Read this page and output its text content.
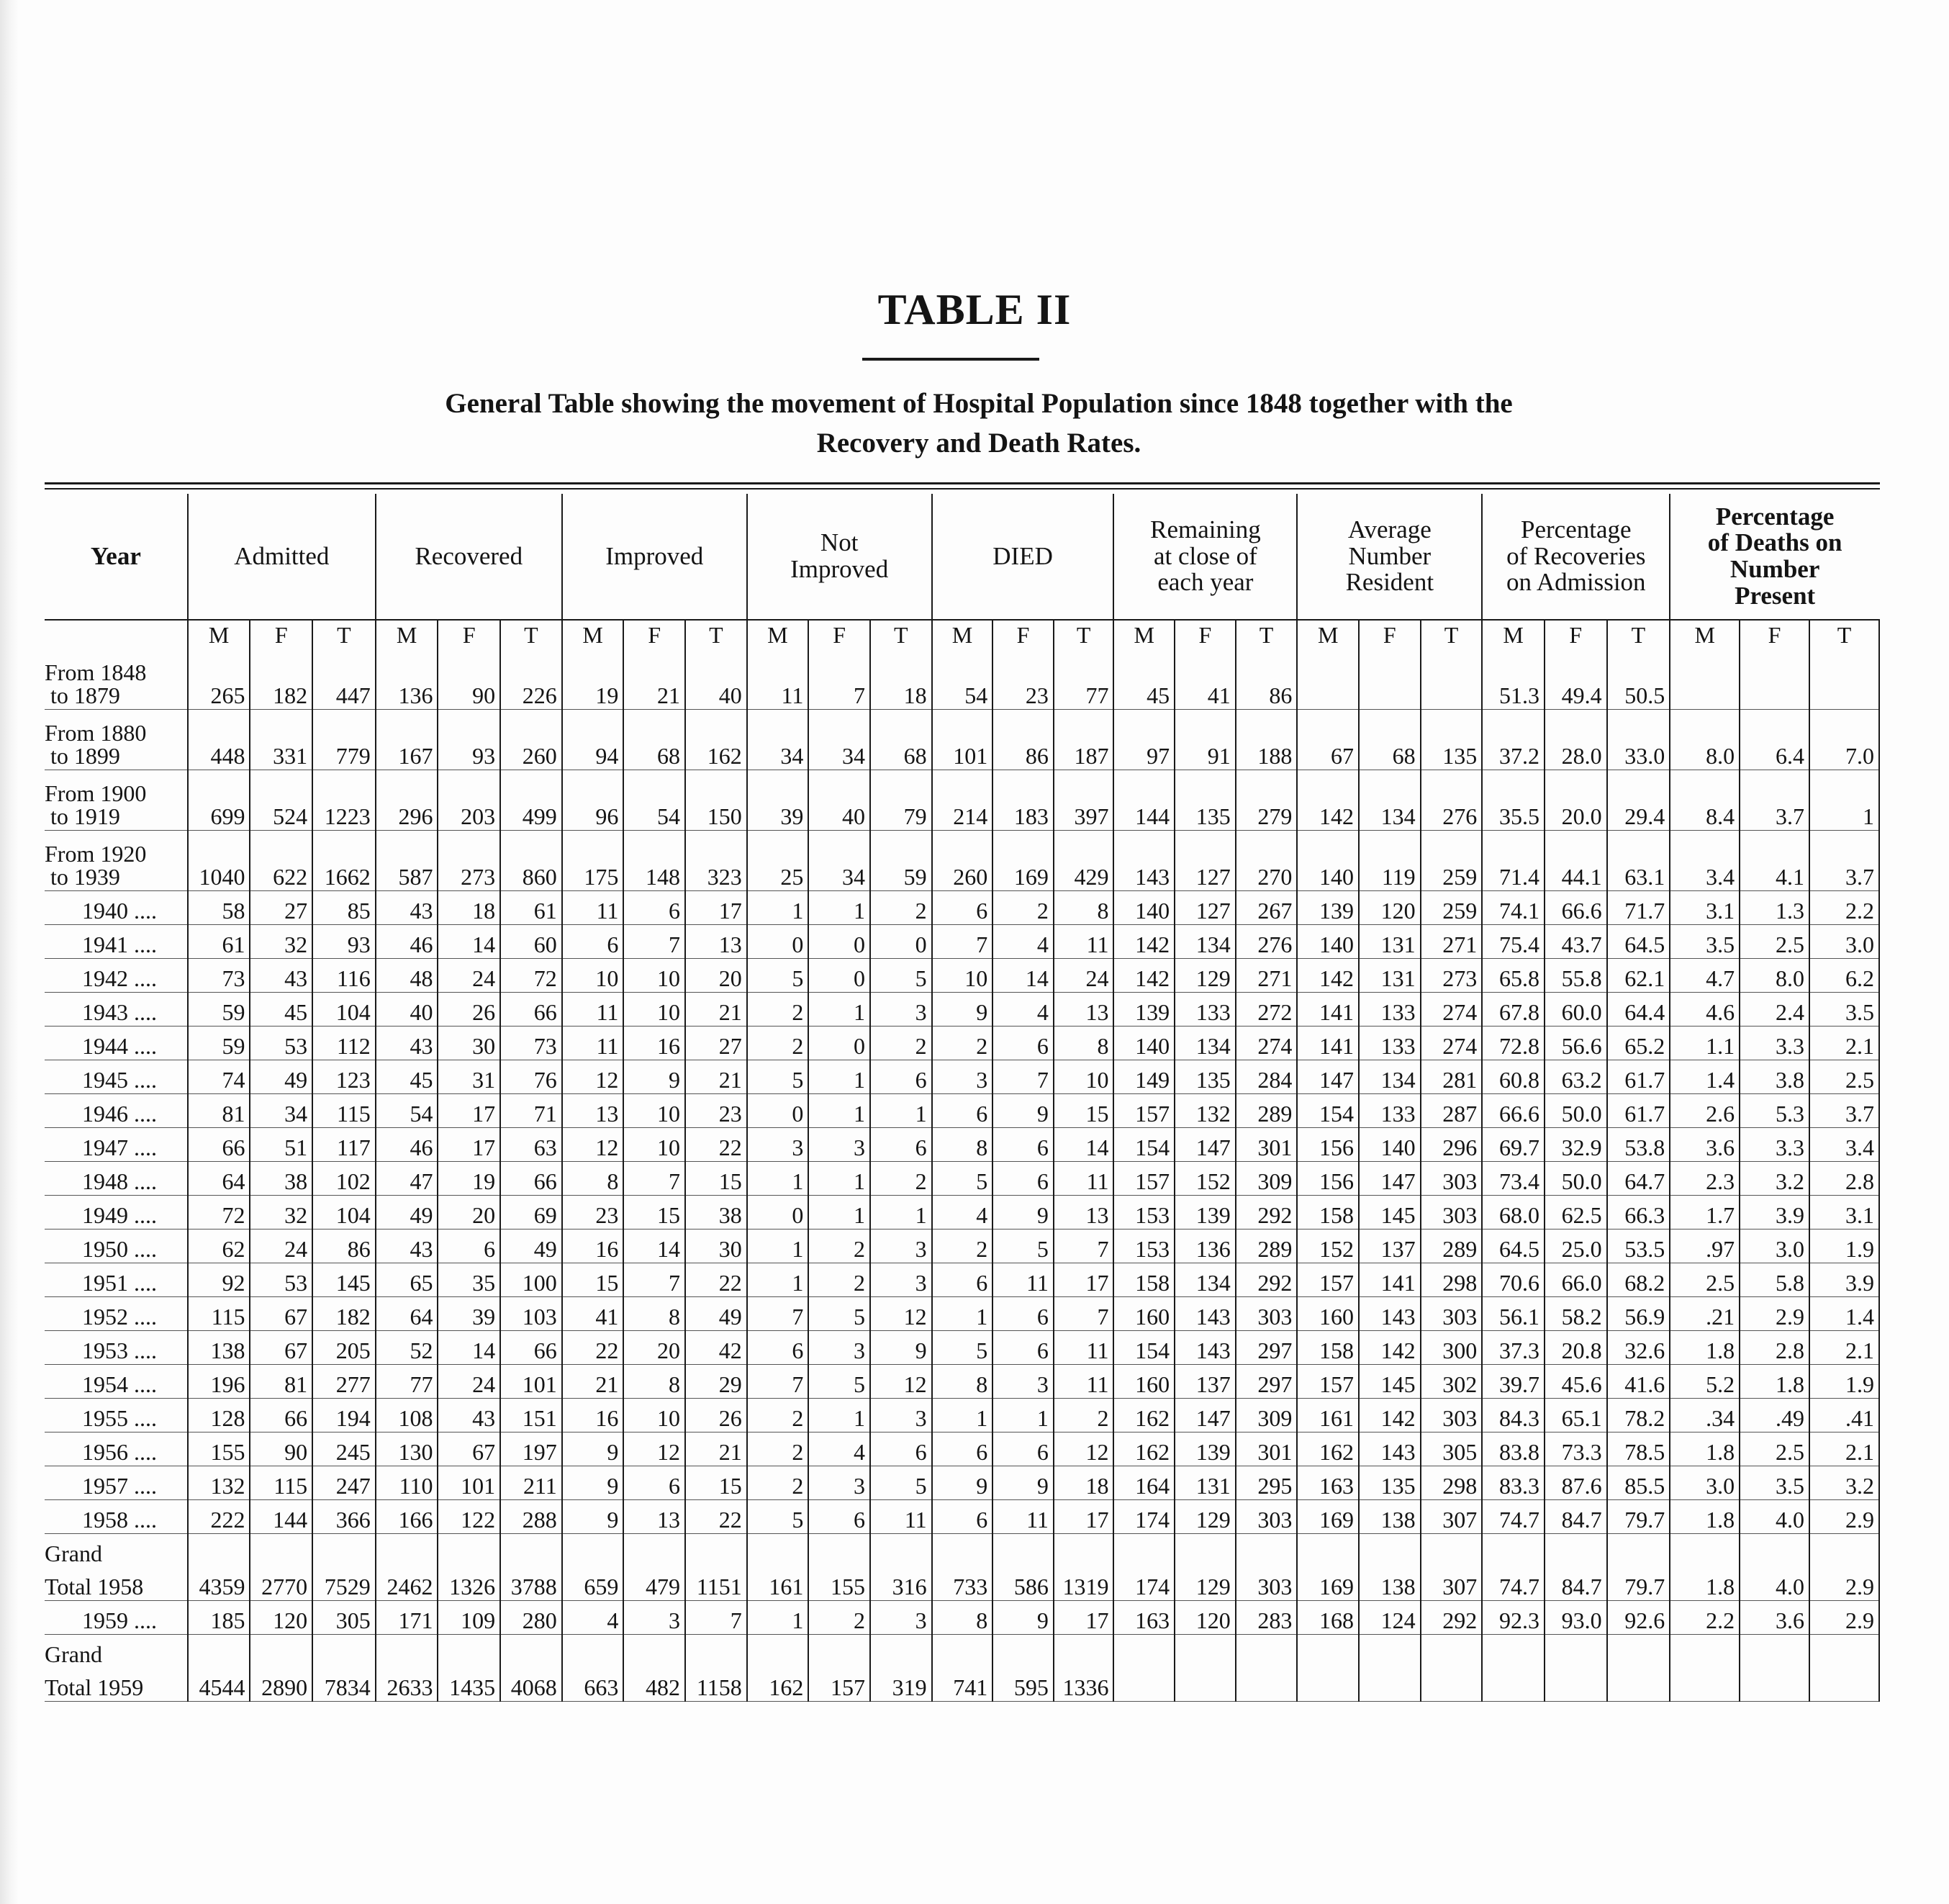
TABLE II
General Table showing the movement of Hospital Population since 1848 together with the
Recovery and Death Rates.
Year	Admitted			Recovered			Improved			Not
Improved			DIED			Remaining
at close of
each year			Average
Number
Resident			Percentage
of Recoveries
on Admission			Percentage
of Deaths on
Number
Present		
	M	F	T	M	F	T	M	F	T	M	F	T	M	F	T	M	F	T	M	F	T	M	F	T	M	F	T
From 1848
to 1879	265	182	447	136	90	226	19	21	40	11	7	18	54	23	77	45	41	86				51.3	49.4	50.5			
From 1880
to 1899	448	331	779	167	93	260	94	68	162	34	34	68	101	86	187	97	91	188	67	68	135	37.2	28.0	33.0	8.0	6.4	7.0
From 1900
to 1919	699	524	1223	296	203	499	96	54	150	39	40	79	214	183	397	144	135	279	142	134	276	35.5	20.0	29.4	8.4	3.7	1
From 1920
to 1939	1040	622	1662	587	273	860	175	148	323	25	34	59	260	169	429	143	127	270	140	119	259	71.4	44.1	63.1	3.4	4.1	3.7
1940 ....	58	27	85	43	18	61	11	6	17	1	1	2	6	2	8	140	127	267	139	120	259	74.1	66.6	71.7	3.1	1.3	2.2
1941 ....	61	32	93	46	14	60	6	7	13	0	0	0	7	4	11	142	134	276	140	131	271	75.4	43.7	64.5	3.5	2.5	3.0
1942 ....	73	43	116	48	24	72	10	10	20	5	0	5	10	14	24	142	129	271	142	131	273	65.8	55.8	62.1	4.7	8.0	6.2
1943 ....	59	45	104	40	26	66	11	10	21	2	1	3	9	4	13	139	133	272	141	133	274	67.8	60.0	64.4	4.6	2.4	3.5
1944 ....	59	53	112	43	30	73	11	16	27	2	0	2	2	6	8	140	134	274	141	133	274	72.8	56.6	65.2	1.1	3.3	2.1
1945 ....	74	49	123	45	31	76	12	9	21	5	1	6	3	7	10	149	135	284	147	134	281	60.8	63.2	61.7	1.4	3.8	2.5
1946 ....	81	34	115	54	17	71	13	10	23	0	1	1	6	9	15	157	132	289	154	133	287	66.6	50.0	61.7	2.6	5.3	3.7
1947 ....	66	51	117	46	17	63	12	10	22	3	3	6	8	6	14	154	147	301	156	140	296	69.7	32.9	53.8	3.6	3.3	3.4
1948 ....	64	38	102	47	19	66	8	7	15	1	1	2	5	6	11	157	152	309	156	147	303	73.4	50.0	64.7	2.3	3.2	2.8
1949 ....	72	32	104	49	20	69	23	15	38	0	1	1	4	9	13	153	139	292	158	145	303	68.0	62.5	66.3	1.7	3.9	3.1
1950 ....	62	24	86	43	6	49	16	14	30	1	2	3	2	5	7	153	136	289	152	137	289	64.5	25.0	53.5	.97	3.0	1.9
1951 ....	92	53	145	65	35	100	15	7	22	1	2	3	6	11	17	158	134	292	157	141	298	70.6	66.0	68.2	2.5	5.8	3.9
1952 ....	115	67	182	64	39	103	41	8	49	7	5	12	1	6	7	160	143	303	160	143	303	56.1	58.2	56.9	.21	2.9	1.4
1953 ....	138	67	205	52	14	66	22	20	42	6	3	9	5	6	11	154	143	297	158	142	300	37.3	20.8	32.6	1.8	2.8	2.1
1954 ....	196	81	277	77	24	101	21	8	29	7	5	12	8	3	11	160	137	297	157	145	302	39.7	45.6	41.6	5.2	1.8	1.9
1955 ....	128	66	194	108	43	151	16	10	26	2	1	3	1	1	2	162	147	309	161	142	303	84.3	65.1	78.2	.34	.49	.41
1956 ....	155	90	245	130	67	197	9	12	21	2	4	6	6	6	12	162	139	301	162	143	305	83.8	73.3	78.5	1.8	2.5	2.1
1957 ....	132	115	247	110	101	211	9	6	15	2	3	5	9	9	18	164	131	295	163	135	298	83.3	87.6	85.5	3.0	3.5	3.2
1958 ....	222	144	366	166	122	288	9	13	22	5	6	11	6	11	17	174	129	303	169	138	307	74.7	84.7	79.7	1.8	4.0	2.9
Grand																											
Total 1958	4359	2770	7529	2462	1326	3788	659	479	1151	161	155	316	733	586	1319	174	129	303	169	138	307	74.7	84.7	79.7	1.8	4.0	2.9
1959 ....	185	120	305	171	109	280	4	3	7	1	2	3	8	9	17	163	120	283	168	124	292	92.3	93.0	92.6	2.2	3.6	2.9
Grand																											
Total 1959	4544	2890	7834	2633	1435	4068	663	482	1158	162	157	319	741	595	1336												
